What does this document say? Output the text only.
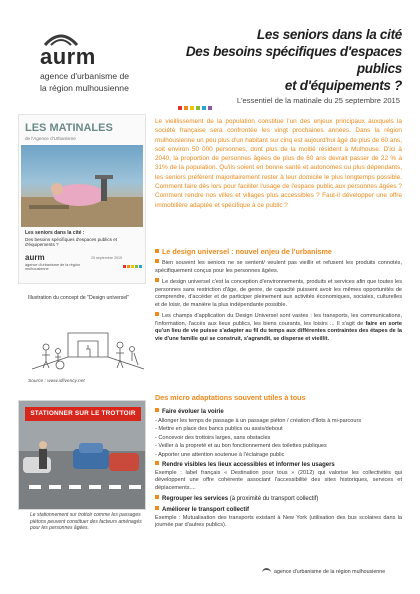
aurm
agence d'urbanisme de
la région mulhousienne
Les seniors dans la cité
Des besoins spécifiques d'espaces publics
et d'équipements ?
L'essentiel de la matinale du 25 septembre 2015
LES MATINALES
de l'Agence d'Urbanisme
Les seniors dans la cité :
Des besoins spécifiques d'espaces publics et d'équipements ?
aurm
agence d'urbanisme de la région mulhousienne
25 septembre 2015
Illustration du concept de "Design universel"
Source : www.idlivency.net
STATIONNER SUR LE TROTTOIR
Le stationnement sur trottoir comme les passages piétons peuvent constituer des facteurs aménagés pour les personnes âgées.
Le vieillissement de la population constitue l'un des enjeux principaux auxquels la société française sera confrontée les vingt prochaines années. Dans la région mulhousienne un peu plus d'un habitant sur cinq est aujourd'hui âgé de plus de 60 ans, soit environ 50 000 personnes, dont plus de la moitié résident à Mulhouse. D'ici à 2040, la proportion de personnes âgées de plus de 60 ans devrait passer de 22 % à 31% de la population. Qu'ils soient en bonne santé et autonomes ou plus dépendants, les seniors préfèrent majoritairement rester à leur domicile le plus longtemps possible. Comment faire dès lors pour faciliter l'usage de l'espace public aux personnes âgées ? Comment rendre nos villes et villages plus accessibles ? Faut-il développer une offre immobilière adaptée et spécifique à ce public ?
Le design universel : nouvel enjeu de l'urbanisme

Bien souvent les seniors ne se sentent/ veulent pas vieillir et refusent les produits connotés, spécifiquement conçus pour les personnes âgées.

Le design universel c'est la conception d'environnements, produits et services afin que toutes les personnes sans restriction d'âge, de genre, de capacité puissent avoir les mêmes opportunités de comprendre, d'accéder et de participer pleinement aux activités économiques, sociales, culturelles et de loisir, de manière la plus indépendante possible.

Les champs d'application du Design Universel sont vastes : les transports, les communications, l'information, l'accès aux lieux publics, les biens courants, les loisirs ... Il s'agit de faire en sorte qu'un lieu de vie puisse s'adapter au fil du temps aux différentes contraintes des étapes de la vie d'une famille qui se construit, s'agrandit, se disperse et vieillit.

Des micro adaptations souvent utiles à tous
Faire évoluer la voirie
- Allonger les temps de passage à un passage piéton / création d'îlots à mi-parcours
- Mettre en place des bancs publics ou assis/debout
- Concevoir des trottoirs larges, sans obstacles
- Veiller à la propreté et au bon fonctionnement des toilettes publiques
- Apporter une attention soutenue à l'éclairage public
Rendre visibles les lieux accessibles et informer les usagers

Exemple : label français « Destination pour tous » (2012) qui valorise les collectivités qui développent une offre cohérente associant l'accessibilité des sites historiques, services et déplacements....

Regrouper les services (à proximité du transport collectif)
Améliorer le transport collectif

Exemple : Mutualisation des transports existant à New York (utilisation des bus scolaires dans la journée par d'autres publics).

agence d'urbanisme de la région mulhousienne
